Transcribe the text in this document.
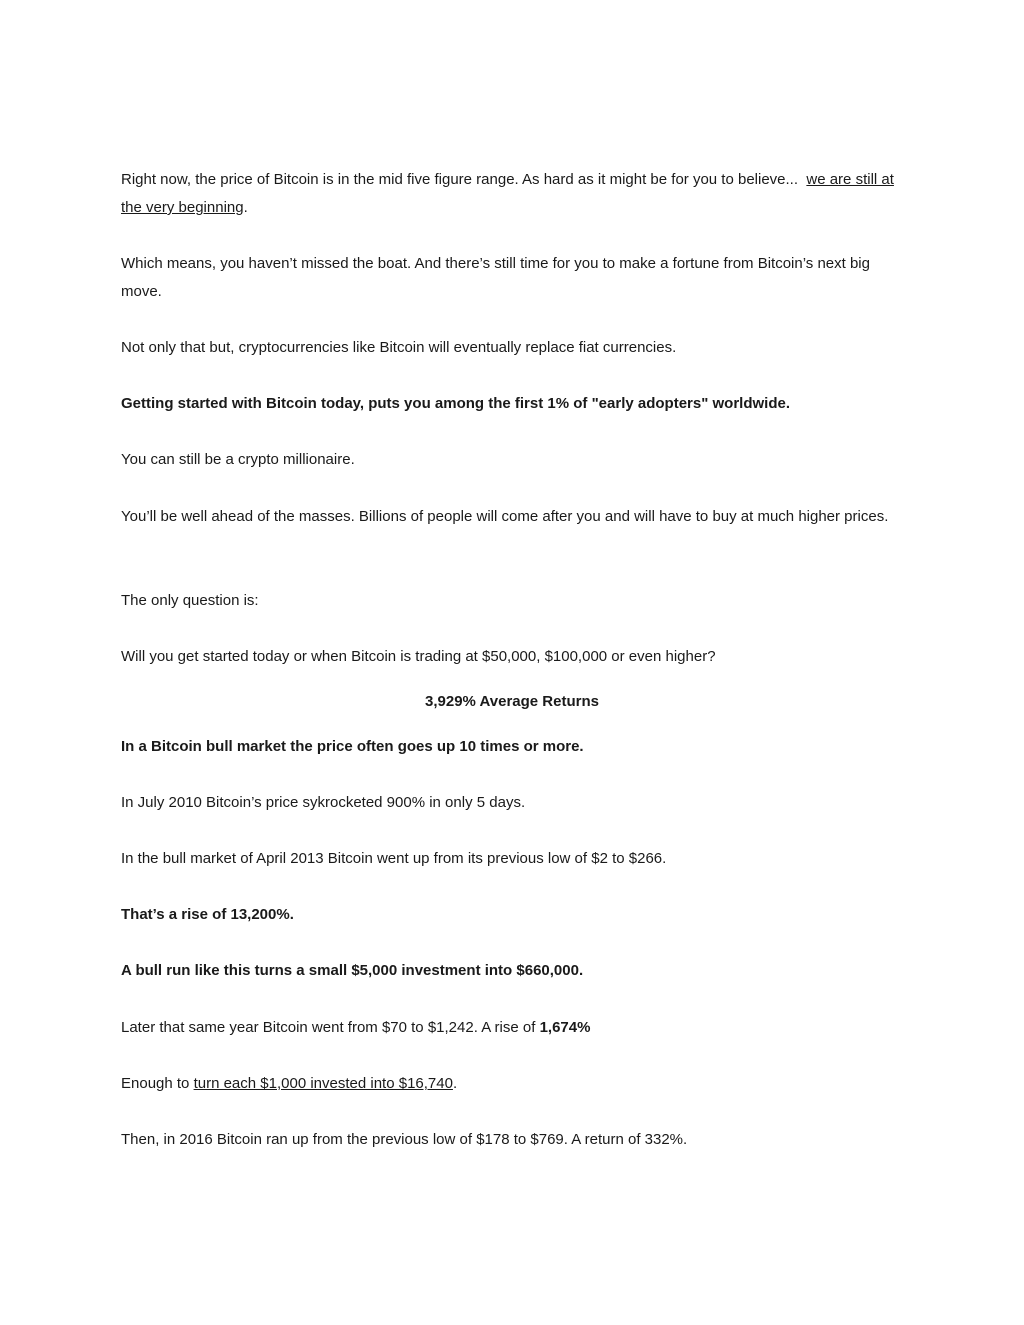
Right now, the price of Bitcoin is in the mid five figure range. As hard as it might be for you to believe... we are still at the very beginning.

Which means, you haven’t missed the boat. And there’s still time for you to make a fortune from Bitcoin’s next big move.

Not only that but, cryptocurrencies like Bitcoin will eventually replace fiat currencies.

Getting started with Bitcoin today, puts you among the first 1% of "early adopters" worldwide.

You can still be a crypto millionaire.

You’ll be well ahead of the masses. Billions of people will come after you and will have to buy at much higher prices.

The only question is:

Will you get started today or when Bitcoin is trading at $50,000, $100,000 or even higher?

3,929% Average Returns

In a Bitcoin bull market the price often goes up 10 times or more.

In July 2010 Bitcoin’s price sykrocketed 900% in only 5 days.

In the bull market of April 2013 Bitcoin went up from its previous low of $2 to $266.

That’s a rise of 13,200%.

A bull run like this turns a small $5,000 investment into $660,000.

Later that same year Bitcoin went from $70 to $1,242. A rise of 1,674%

Enough to turn each $1,000 invested into $16,740.

Then, in 2016 Bitcoin ran up from the previous low of $178 to $769. A return of 332%.
